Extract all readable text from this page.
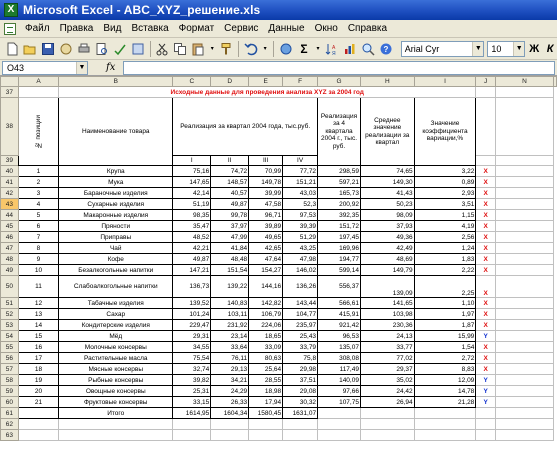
X Microsoft Excel - ABC_XYZ_решение.xls
Файл	Правка	Вид	Вставка	Формат	Сервис	Данные	Окно	Справка
▾	▾	Σ	▾	А
Я	?	Arial Cyr	▼	10	▼ Ж К
O43	▼ fx
	A	B	C	D	E	F	G	H	I	J	N	
37		Исходные данные для проведения анализа XYZ за 2004 год										
38	№ позиции	Наименование товара	Реализация за квартал 2004 года, тыс.руб.				Реализация за 4 квартала 2004 г., тыс. руб.	Среднее значение реализации за квартал	Значение коэффициента вариации,%			
39			I	II	III	IV						
40	1	Крупа	75,16	74,72	70,99	77,72	298,59	74,65	3,22	X		
41	2	Мука	147,65	148,57	149,78	151,21	597,21	149,30	0,89	X		
42	3	Бараночные изделия	42,14	40,57	39,99	43,03	165,73	41,43	2,93	X		
43	4	Сухарные изделия	51,19	49,87	47,58	52,3	200,92	50,23	3,51	X		
44	5	Макаронные изделия	98,35	99,78	96,71	97,53	392,35	98,09	1,15	X		
45	6	Пряности	35,47	37,97	39,89	39,39	151,72	37,93	4,19	X		
46	7	Приправы	48,52	47,99	49,65	51,29	197,45	49,36	2,56	X		
47	8	Чай	42,21	41,84	42,65	43,25	169,96	42,49	1,24	X		
48	9	Кофе	49,87	48,48	47,64	47,98	194,77	48,69	1,83	X		
49	10	Безалкогольные напитки	147,21	151,54	154,27	146,02	599,14	149,79	2,22	X		
50	11	Слабоалкогольные напитки	136,73	139,22	144,16	136,26	556,37	139,09	2,25	X		
51	12	Табачные изделия	139,52	140,83	142,82	143,44	566,61	141,65	1,10	X		
52	13	Сахар	101,24	103,11	106,79	104,77	415,91	103,98	1,97	X		
53	14	Кондитерские изделия	229,47	231,92	224,06	235,97	921,42	230,36	1,87	X		
54	15	Мёд	29,31	23,14	18,65	25,43	96,53	24,13	15,99	Y		
55	16	Молочные консервы	34,55	33,64	33,09	33,79	135,07	33,77	1,54	X		
56	17	Растительные масла	75,54	76,11	80,63	75,8	308,08	77,02	2,72	X		
57	18	Мясные консервы	32,74	29,13	25,64	29,98	117,49	29,37	8,83	X		
58	19	Рыбные консервы	39,82	34,21	28,55	37,51	140,09	35,02	12,09	Y		
59	20	Овощные консервы	25,31	24,29	18,98	29,08	97,66	24,42	14,78	Y		
60	21	Фруктовые консервы	33,15	26,33	17,94	30,32	107,75	26,94	21,28	Y		
61		Итого	1614,95	1604,34	1580,45	1631,07						
62												
63												
